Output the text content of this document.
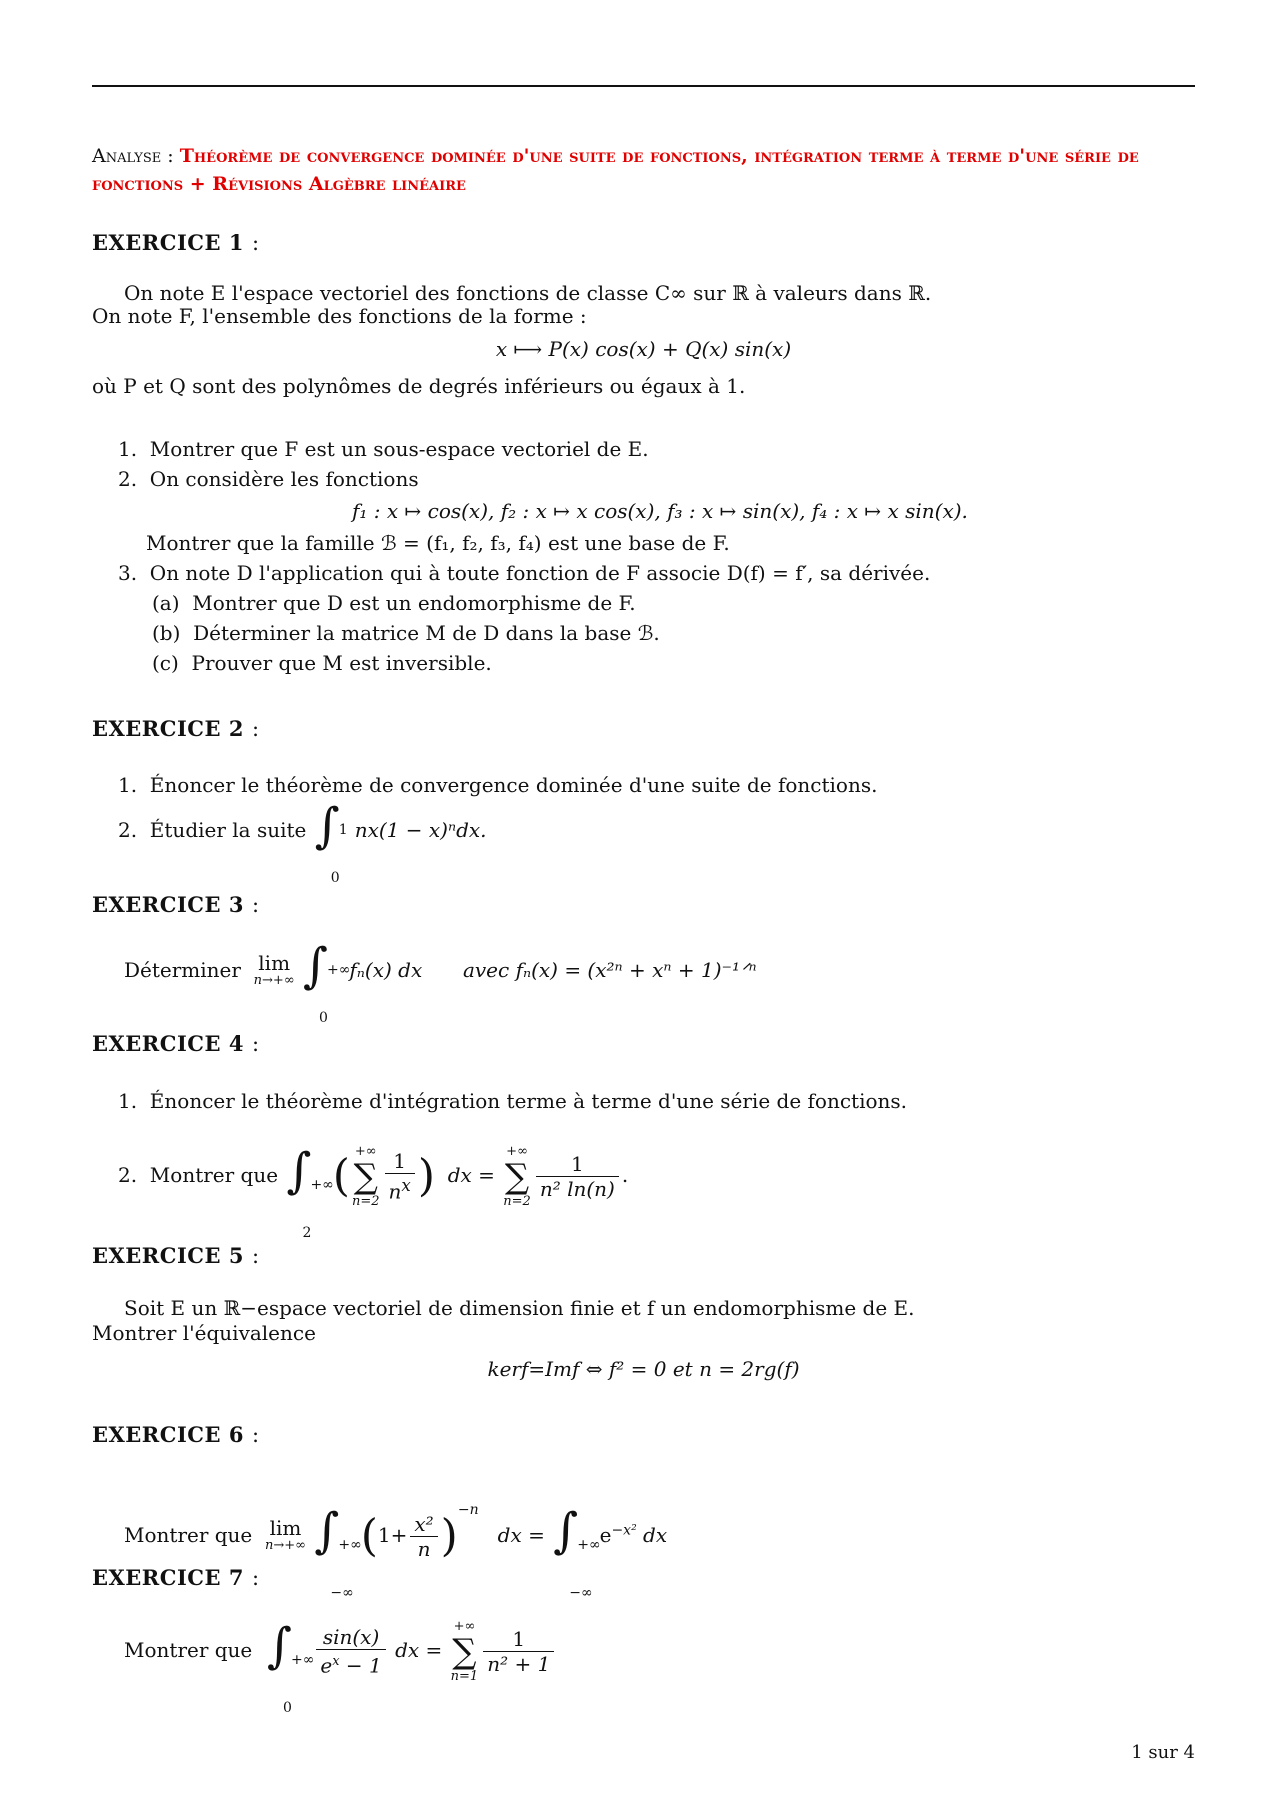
Analyse : Théorème de convergence dominée d'une suite de fonctions, intégration terme à terme d'une série de fonctions + Révisions Algèbre linéaire
EXERCICE 1 :
On note E l'espace vectoriel des fonctions de classe C∞ sur ℝ à valeurs dans ℝ.
On note F, l'ensemble des fonctions de la forme :
x ⟼ P(x) cos(x) + Q(x) sin(x)
où P et Q sont des polynômes de degrés inférieurs ou égaux à 1.
1.  Montrer que F est un sous-espace vectoriel de E.
2.  On considère les fonctions
f₁ : x ↦ cos(x), f₂ : x ↦ x cos(x), f₃ : x ↦ sin(x), f₄ : x ↦ x sin(x).
Montrer que la famille ℬ = (f₁, f₂, f₃, f₄) est une base de F.
3.  On note D l'application qui à toute fonction de F associe D(f) = f′, sa dérivée.
(a)  Montrer que D est un endomorphisme de F.
(b)  Déterminer la matrice M de D dans la base ℬ.
(c)  Prouver que M est inversible.
EXERCICE 2 :
1.  Énoncer le théorème de convergence dominée d'une suite de fonctions.
2.  Étudier la suite ∫
1
0
nx(1 − x)ⁿdx.
EXERCICE 3 :
Déterminer lim
n→+∞
∫
+∞
0
fₙ(x) dx avec fₙ(x) = (x²ⁿ + xⁿ + 1)⁻¹ᐟⁿ
EXERCICE 4 :
1.  Énoncer le théorème d'intégration terme à terme d'une série de fonctions.
2.  Montrer que ∫
+∞
2
( +∞
∑
$n=2 \frac{1}{n^x}$ )  dx =
+∞
∑
$n=2 \frac{1}{\text{n² ln(n)}}$ .
EXERCICE 5 :
Soit E un ℝ−espace vectoriel de dimension finie et f un endomorphisme de E.
Montrer l'équivalence
kerf=Imf ⇔ f² = 0 et n = 2rg(f)
EXERCICE 6 :
Montrer que lim
n→+∞
∫
+∞
−∞
$(1+ \frac{\text{x²}}{n} )^{-n}$   dx = ∫
+∞
−∞
$e^{-x^2}$ dx
EXERCICE 7 :
Montrer que ∫
+∞
0

$\frac{\sin(x)}{e^x - 1}$ dx =
+∞
∑
$n=1 \frac{1}{\text{n² + 1}}$
1 sur 4
